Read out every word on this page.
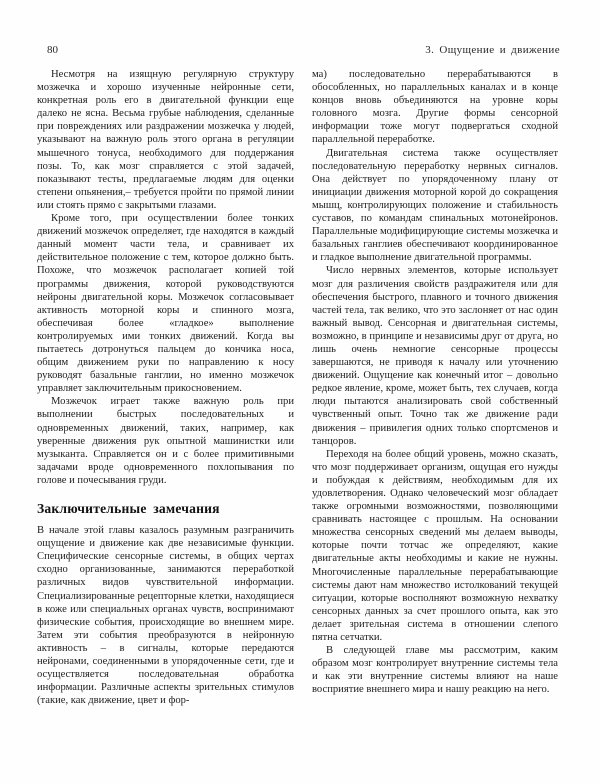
80	3. Ощущение и движение

Несмотря на изящную регулярную структуру мозжечка и хорошо изученные нейронные сети, конкретная роль его в двигательной функции еще далеко не ясна. Весьма грубые наблюдения, сделанные при повреждениях или раздражении мозжечка у людей, указывают на важную роль этого органа в регуляции мышечного тонуса, необходимого для поддержания позы. То, как мозг справляется с этой задачей, показывают тесты, предлагаемые людям для оценки степени опьянения,– требуется пройти по прямой линии или стоять прямо с закрытыми глазами.

Кроме того, при осуществлении более тонких движений мозжечок определяет, где находятся в каждый данный момент части тела, и сравнивает их действительное положение с тем, которое должно быть. Похоже, что мозжечок располагает копией той программы движения, которой руководствуются нейроны двигательной коры. Мозжечок согласовывает активность моторной коры и спинного мозга, обеспечивая более «гладкое» выполнение контролируемых ими тонких движений. Когда вы пытаетесь дотронуться пальцем до кончика носа, общим движением руки по направлению к носу руководят базальные ганглии, но именно мозжечок управляет заключительным прикосновением.

Мозжечок играет также важную роль при выполнении быстрых последовательных и одновременных движений, таких, например, как уверенные движения рук опытной машинистки или музыканта. Справляется он и с более примитивными задачами вроде одновременного похлопывания по голове и почесывания груди.

Заключительные замечания

В начале этой главы казалось разумным разграничить ощущение и движение как две независимые функции. Специфические сенсорные системы, в общих чертах сходно организованные, занимаются переработкой различных видов чувствительной информации. Специализированные рецепторные клетки, находящиеся в коже или специальных органах чувств, воспринимают физические события, происходящие во внешнем мире. Затем эти события преобразуются в нейронную активность – в сигналы, которые передаются нейронами, соединенными в упорядоченные сети, где и осуществляется последовательная обработка информации. Различные аспекты зрительных стимулов (такие, как движение, цвет и фор-

ма) последовательно перерабатываются в обособленных, но параллельных каналах и в конце концов вновь объединяются на уровне коры головного мозга. Другие формы сенсорной информации тоже могут подвергаться сходной параллельной переработке.

Двигательная система также осуществляет последовательную переработку нервных сигналов. Она действует по упорядоченному плану от инициации движения моторной корой до сокращения мышц, контролирующих положение и стабильность суставов, по командам спинальных мотонейронов. Параллельные модифицирующие системы мозжечка и базальных ганглиев обеспечивают координированное и гладкое выполнение двигательной программы.

Число нервных элементов, которые использует мозг для различения свойств раздражителя или для обеспечения быстрого, плавного и точного движения частей тела, так велико, что это заслоняет от нас один важный вывод. Сенсорная и двигательная системы, возможно, в принципе и независимы друг от друга, но лишь очень немногие сенсорные процессы завершаются, не приводя к началу или уточнению движений. Ощущение как конечный итог – довольно редкое явление, кроме, может быть, тех случаев, когда люди пытаются анализировать свой собственный чувственный опыт. Точно так же движение ради движения – привилегия одних только спортсменов и танцоров.

Переходя на более общий уровень, можно сказать, что мозг поддерживает организм, ощущая его нужды и побуждая к действиям, необходимым для их удовлетворения. Однако человеческий мозг обладает также огромными возможностями, позволяющими сравнивать настоящее с прошлым. На основании множества сенсорных сведений мы делаем выводы, которые почти тотчас же определяют, какие двигательные акты необходимы и какие не нужны. Многочисленные параллельные перерабатывающие системы дают нам множество истолкований текущей ситуации, которые восполняют возможную нехватку сенсорных данных за счет прошлого опыта, как это делает зрительная система в отношении слепого пятна сетчатки.

В следующей главе мы рассмотрим, каким образом мозг контролирует внутренние системы тела и как эти внутренние системы влияют на наше восприятие внешнего мира и нашу реакцию на него.
